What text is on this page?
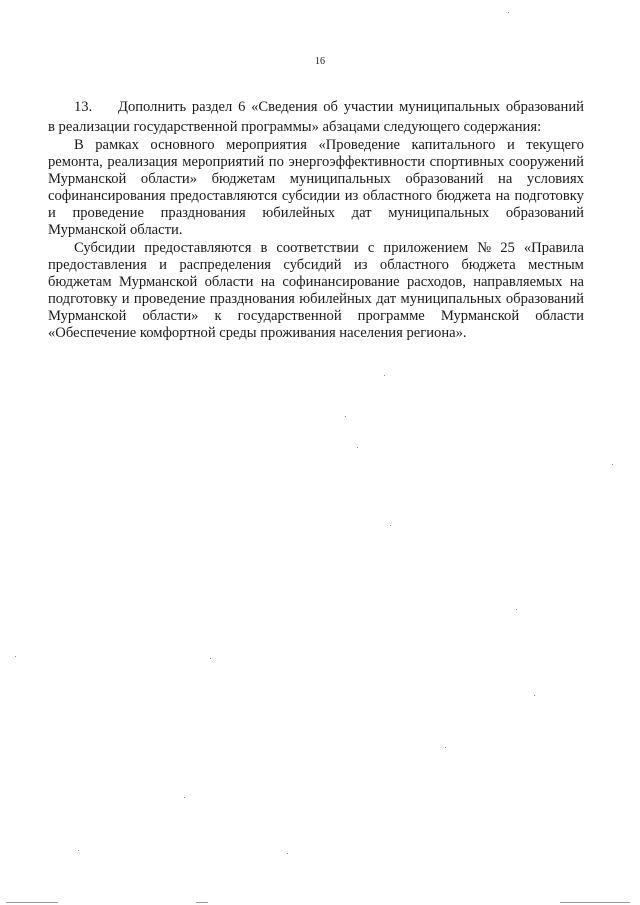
16
13.	Дополнить раздел 6 «Сведения об участии муниципальных образований
в реализации государственной программы» абзацами следующего содержания:
В рамках основного мероприятия «Проведение капитального и текущего
ремонта, реализация мероприятий по энергоэффективности спортивных сооружений
Мурманской области» бюджетам муниципальных образований на условиях
софинансирования предоставляются субсидии из областного бюджета на подготовку
и проведение празднования юбилейных дат муниципальных образований
Мурманской области.
Субсидии предоставляются в соответствии с приложением № 25 «Правила
предоставления и распределения субсидий из областного бюджета местным
бюджетам Мурманской области на софинансирование расходов, направляемых на
подготовку и проведение празднования юбилейных дат муниципальных образований
Мурманской области» к государственной программе Мурманской области
«Обеспечение комфортной среды проживания населения региона».
